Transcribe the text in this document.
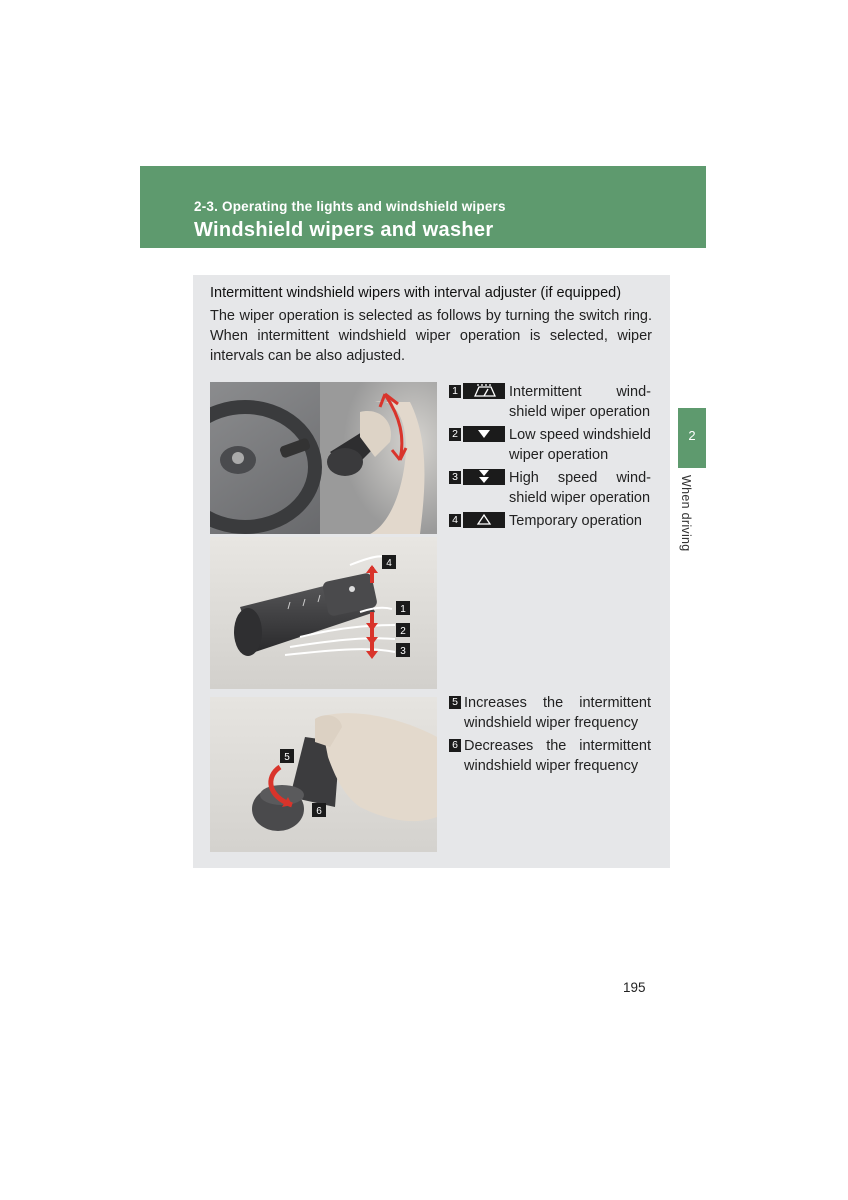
2-3. Operating the lights and windshield wipers
Windshield wipers and washer
2
When driving
Intermittent windshield wipers with interval adjuster (if equipped)
The wiper operation is selected as follows by turning the switch ring. When intermittent windshield wiper operation is selected, wiper intervals can be also adjusted.
4
1
2
3
5
6
1	Intermittent wind-
shield wiper operation
2	Low speed windshield
wiper operation
3	High speed wind-
shield wiper operation
4	Temporary operation
5 Increases the intermittent
windshield wiper frequency
6 Decreases the intermittent
windshield wiper frequency
195
